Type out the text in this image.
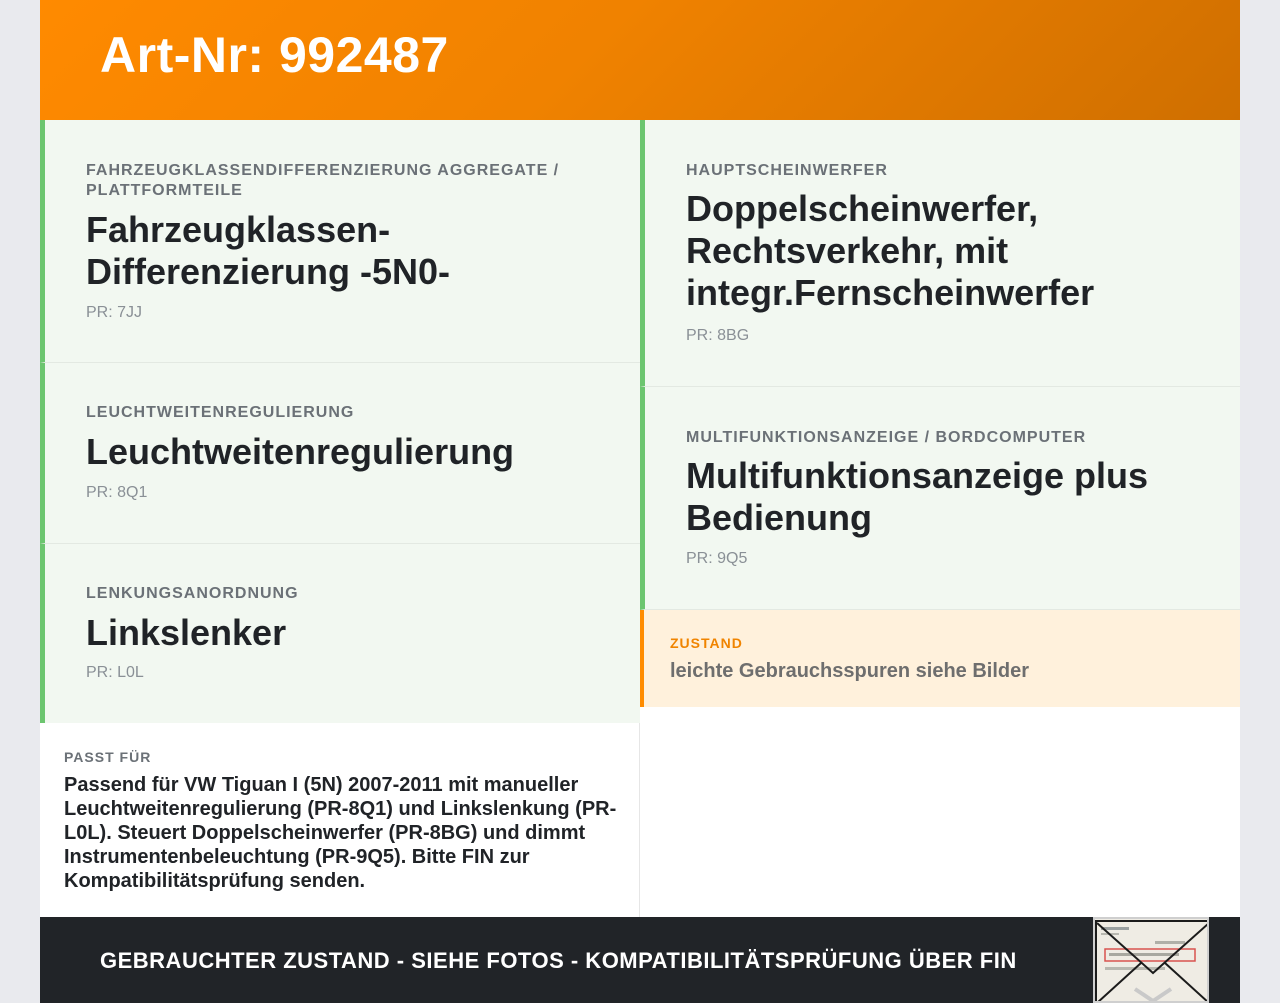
Art-Nr: 992487
FAHRZEUGKLASSENDIFFERENZIERUNG AGGREGATE / PLATTFORMTEILE
Fahrzeugklassen-Differenzierung -5N0-
PR: 7JJ
LEUCHTWEITENREGULIERUNG
Leuchtweitenregulierung
PR: 8Q1
LENKUNGSANORDNUNG
Linkslenker
PR: L0L
HAUPTSCHEINWERFER
Doppelscheinwerfer, Rechtsverkehr, mit integr.Fernscheinwerfer
PR: 8BG
MULTIFUNKTIONSANZEIGE / BORDCOMPUTER
Multifunktionsanzeige plus Bedienung
PR: 9Q5
ZUSTAND
leichte Gebrauchsspuren siehe Bilder
PASST FÜR
Passend für VW Tiguan I (5N) 2007-2011 mit manueller Leuchtweitenregulierung (PR-8Q1) und Linkslenkung (PR-L0L). Steuert Doppelscheinwerfer (PR-8BG) und dimmt Instrumentenbeleuchtung (PR-9Q5). Bitte FIN zur Kompatibilitätsprüfung senden.
GEBRAUCHTER ZUSTAND - SIEHE FOTOS - KOMPATIBILITÄTSPRÜFUNG ÜBER FIN
